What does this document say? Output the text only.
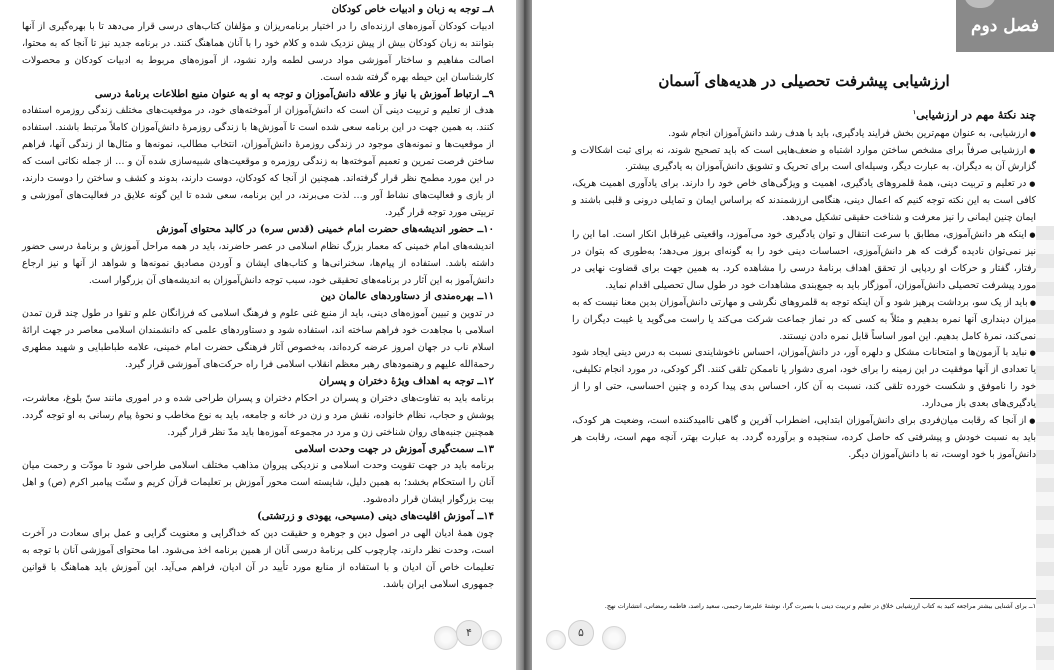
۸ــ توجه به زبان و ادبیات خاص کودکان

ادبیات کودکان آموزه‌های ارزنده‌ای را در اختیار برنامه‌ریزان و مؤلفان کتاب‌های درسی قرار می‌دهد تا با بهره‌گیری از آنها بتوانند به زبان کودکان بیش از پیش نزدیک شده و کلام خود را با آنان هماهنگ کنند. در برنامه جدید نیز تا آنجا که به محتوا، اصالت مفاهیم و ساختار آموزشی مواد درسی لطمه وارد نشود، از آموزه‌های مربوط به ادبیات کودکان و محصولات کارشناسان این حیطه بهره گرفته شده است.

۹ــ ارتباط آموزش با نیاز و علاقه دانش‌آموزان و توجه به او به عنوان منبع اطلاعات برنامهٔ درسی

هدف از تعلیم و تربیت دینی آن است که دانش‌آموزان از آموخته‌های خود، در موقعیت‌های مختلف زندگی روزمره استفاده کنند. به همین جهت در این برنامه سعی شده است تا آموزش‌ها با زندگی روزمرهٔ دانش‌آموزان کاملاً مرتبط باشند. استفاده از موقعیت‌ها و نمونه‌های موجود در زندگی روزمرهٔ دانش‌آموزان، انتخاب مطالب، نمونه‌ها و مثال‌ها از زندگی آنها، فراهم ساختن فرصت تمرین و تعمیم آموخته‌ها به زندگی روزمره و موقعیت‌های شبیه‌سازی شده آن و … از جمله نکاتی است که در این مورد مطمح نظر قرار گرفته‌اند. همچنین از آنجا که کودکان، دوست دارند، بدوند و کشف و ساختن را دوست دارند، از بازی و فعالیت‌های نشاط آور و… لذت می‌برند، در این برنامه، سعی شده تا این گونه علایق در فعالیت‌های آموزشی و تربیتی مورد توجه قرار گیرد.

۱۰ــ حضور اندیشه‌های حضرت امام خمینی (قدس سره) در کالبد محتوای آموزش

اندیشه‌های امام خمینی که معمار بزرگ نظام اسلامی در عصر حاضرند، باید در همه مراحل آموزش و برنامهٔ درسی حضور داشته باشد. استفاده از پیام‌ها، سخنرانی‌ها و کتاب‌های ایشان و آوردن مصادیق نمونه‌ها و شواهد از آنها و نیز ارجاع دانش‌آموز به این آثار در برنامه‌های تحقیقی خود، سبب توجه دانش‌آموزان به اندیشه‌های آن بزرگوار است.

۱۱ــ بهره‌مندی از دستاوردهای عالمان دین

در تدوین و تبیین آموزه‌های دینی، باید از منبع غنی علوم و فرهنگ اسلامی که فرزانگان علم و تقوا در طول چند قرن تمدن اسلامی با مجاهدت خود فراهم ساخته اند، استفاده شود و دستاوردهای علمی که دانشمندان اسلامی معاصر در جهت ارائهٔ اسلام ناب در جهان امروز عرضه کرده‌اند، به‌خصوص آثار فرهنگی حضرت امام خمینی، علامه طباطبایی و شهید مطهری رحمةالله علیهم و رهنمودهای رهبر معظم انقلاب اسلامی فرا راه حرکت‌های آموزشی قرار گیرد.

۱۲ــ توجه به اهداف ویژهٔ دختران و پسران

برنامه باید به تفاوت‌های دختران و پسران در احکام دختران و پسران طراحی شده و در اموری مانند سنّ بلوغ، معاشرت، پوشش و حجاب، نظام خانواده، نقش مرد و زن در خانه و جامعه، باید به نوع مخاطب و نحوهٔ پیام رسانی به او توجه گردد. همچنین جنبه‌های روان شناختی زن و مرد در مجموعه آموزه‌ها باید مدّ نظر قرار گیرد.

۱۳ــ سمت‌گیری آموزش در جهت وحدت اسلامی

برنامه باید در جهت تقویت وحدت اسلامی و نزدیکی پیروان مذاهب مختلف اسلامی طراحی شود تا مودّت و رحمت میان آنان را استحکام بخشد؛ به همین دلیل، شایسته است محور آموزش بر تعلیمات قرآن کریم و سنّت پیامبر اکرم (ص) و اهل بیت بزرگوار ایشان قرار داده‌شود.

۱۴ــ آموزش اقلیت‌های دینی (مسیحی، یهودی و زرتشتی)

چون همهٔ ادیان الهی در اصول دین و جوهره و حقیقت دین که خداگرایی و معنویت گرایی و عمل برای سعادت در آخرت است، وحدت نظر دارند، چارچوب کلی برنامهٔ درسی آنان از همین برنامه اخذ می‌شود. اما محتوای آموزشی آنان با توجه به تعلیمات خاص آن ادیان و با استفاده از منابع مورد تأیید در آن ادیان، فراهم می‌آید. این آموزش باید هماهنگ با قوانین جمهوری اسلامی ایران باشد.

۴
فصل دوم
ارزشیابی پیشرفت تحصیلی در هدیه‌های آسمان
چند نکتهٔ مهم در ارزشیابی$^۱$
● ارزشیابی، به عنوان مهم‌ترین بخش فرایند یادگیری، باید با هدف رشد دانش‌آموزان انجام شود.
● ارزشیابی صرفاً برای مشخص ساختن موارد اشتباه و ضعف‌هایی است که باید تصحیح شوند، نه برای ثبت اشکالات و گزارش آن به دیگران. به عبارت دیگر، وسیله‌ای است برای تحریک و تشویق دانش‌آموزان به یادگیری بیشتر.
● در تعلیم و تربیت دینی، همهٔ قلمروهای یادگیری، اهمیت و ویژگی‌های خاص خود را دارند. برای یادآوری اهمیت هریک، کافی است به این نکته توجه کنیم که اعمال دینی، هنگامی ارزشمندند که براساس ایمان و تمایلی درونی و قلبی باشند و ایمان چنین ایمانی را نیز معرفت و شناخت حقیقی تشکیل می‌دهد.
● اینکه هر دانش‌آموزی، مطابق با سرعت انتقال و توان یادگیری خود می‌آموزد، واقعیتی غیرقابل انکار است. اما این را نیز نمی‌توان نادیده گرفت که هر دانش‌آموزی، احساسات دینی خود را به گونه‌ای بروز می‌دهد؛ به‌طوری که بتوان در رفتار، گفتار و حرکات او ردپایی از تحقق اهداف برنامهٔ درسی را مشاهده کرد. به همین جهت برای قضاوت نهایی در مورد پیشرفت تحصیلی دانش‌آموزان، آموزگار باید به جمع‌بندی مشاهدات خود در طول سال تحصیلی اقدام نماید.
● باید از یک سو، برداشت پرهیز شود و آن اینکه توجه به قلمروهای نگرشی و مهارتی دانش‌آموزان بدین معنا نیست که به میزان دینداری آنها نمره بدهیم و مثلاً به کسی که در نماز جماعت شرکت می‌کند یا راست می‌گوید یا غیبت دیگران را نمی‌کند، نمرهٔ کامل بدهیم. این امور اساساً قابل نمره دادن نیستند.
● نباید با آزمون‌ها و امتحانات مشکل و دلهره آور، در دانش‌آموزان، احساس ناخوشایندی نسبت به درس دینی ایجاد شود یا تعدادی از آنها موفقیت در این زمینه را برای خود، امری دشوار یا ناممکن تلقی کنند. اگر کودکی، در مورد انجام تکلیفی، خود را ناموفق و شکست خورده تلقی کند، نسبت به آن کار، احساس بدی پیدا کرده و چنین احساسی، حتی او را از یادگیری‌های بعدی باز می‌دارد.
● از آنجا که رقابت میان‌فردی برای دانش‌آموزان ابتدایی، اضطراب آفرین و گاهی ناامیدکننده است، وضعیت هر کودک، باید به نسبت خودش و پیشرفتی که حاصل کرده، سنجیده و برآورده گردد. به عبارت بهتر، آنچه مهم است، رقابت هر دانش‌آموز با خود اوست، نه با دانش‌آموزان دیگر.

۱ــ برای آشنایی بیشتر مراجعه کنید به کتاب ارزشیابی خلاق در تعلیم و تربیت دینی با بصیرت گرا، نوشتهٔ علیرضا رحیمی، سعید راصد، فاطمه رمضانی، انتشارات نهج.

۵
